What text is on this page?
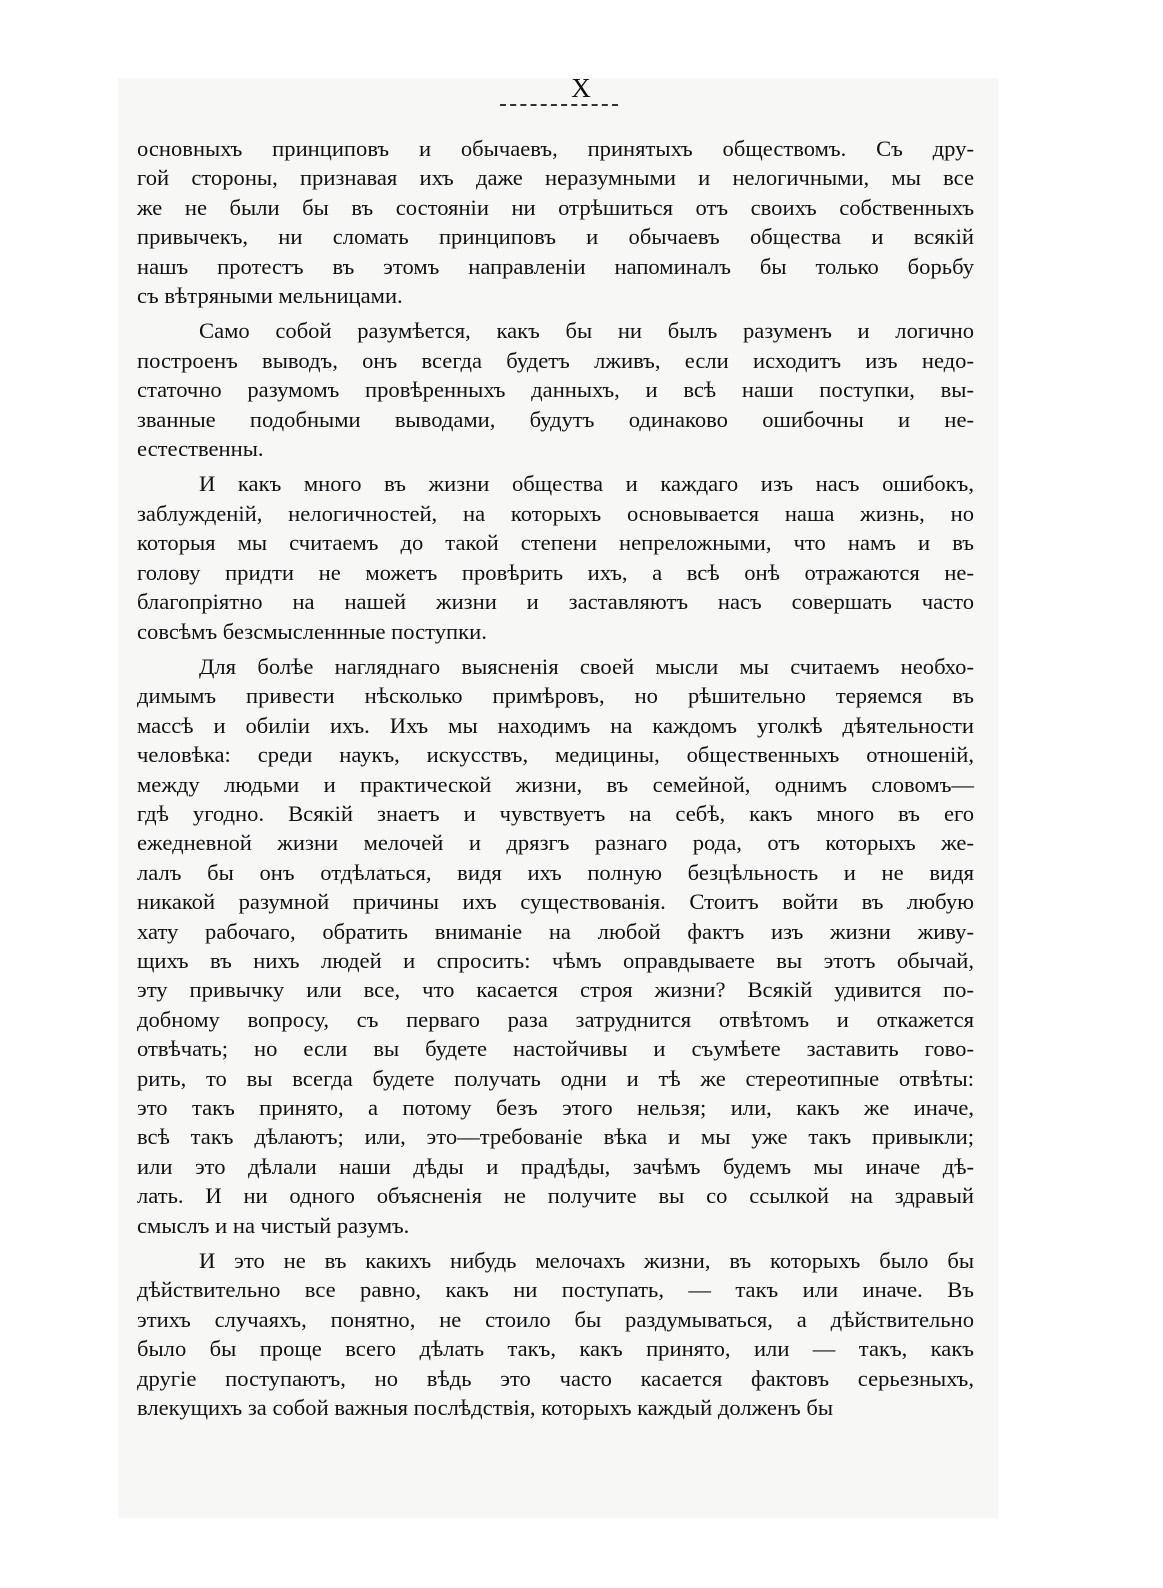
X
основныхъ принциповъ и обычаевъ, принятыхъ обществомъ. Съ дру-
гой стороны, признавая ихъ даже неразумными и нелогичными, мы все
же не были бы въ состояніи ни отрѣшиться отъ своихъ собственныхъ
привычекъ, ни сломать принциповъ и обычаевъ общества и всякій
нашъ протестъ въ этомъ направленіи напоминалъ бы только борьбу
съ вѣтряными мельницами.
Само собой разумѣется, какъ бы ни былъ разуменъ и логично
построенъ выводъ, онъ всегда будетъ лживъ, если исходитъ изъ недо-
статочно разумомъ провѣренныхъ данныхъ, и всѣ наши поступки, вы-
званные подобными выводами, будутъ одинаково ошибочны и не-
естественны.
И какъ много въ жизни общества и каждаго изъ насъ ошибокъ,
заблужденій, нелогичностей, на которыхъ основывается наша жизнь, но
которыя мы считаемъ до такой степени непреложными, что намъ и въ
голову придти не можетъ провѣрить ихъ, а всѣ онѣ отражаются не-
благопріятно на нашей жизни и заставляютъ насъ совершать часто
совсѣмъ безсмысленнные поступки.
Для болѣе нагляднаго выясненія своей мысли мы считаемъ необхо-
димымъ привести нѣсколько примѣровъ, но рѣшительно теряемся въ
массѣ и обиліи ихъ. Ихъ мы находимъ на каждомъ уголкѣ дѣятельности
человѣка: среди наукъ, искусствъ, медицины, общественныхъ отношеній,
между людьми и практической жизни, въ семейной, однимъ словомъ—
гдѣ угодно. Всякій знаетъ и чувствуетъ на себѣ, какъ много въ его
ежедневной жизни мелочей и дрязгъ разнаго рода, отъ которыхъ же-
лалъ бы онъ отдѣлаться, видя ихъ полную безцѣльность и не видя
никакой разумной причины ихъ существованія. Стоитъ войти въ любую
хату рабочаго, обратить вниманіе на любой фактъ изъ жизни живу-
щихъ въ нихъ людей и спросить: чѣмъ оправдываете вы этотъ обычай,
эту привычку или все, что касается строя жизни? Всякій удивится по-
добному вопросу, съ перваго раза затруднится отвѣтомъ и откажется
отвѣчать; но если вы будете настойчивы и съумѣете заставить гово-
рить, то вы всегда будете получать одни и тѣ же стереотипные отвѣты:
это такъ принято, а потому безъ этого нельзя; или, какъ же иначе,
всѣ такъ дѣлаютъ; или, это—требованіе вѣка и мы уже такъ привыкли;
или это дѣлали наши дѣды и прадѣды, зачѣмъ будемъ мы иначе дѣ-
лать. И ни одного объясненія не получите вы со ссылкой на здравый
смыслъ и на чистый разумъ.
И это не въ какихъ нибудь мелочахъ жизни, въ которыхъ было бы
дѣйствительно все равно, какъ ни поступать, — такъ или иначе. Въ
этихъ случаяхъ, понятно, не стоило бы раздумываться, а дѣйствительно
было бы проще всего дѣлать такъ, какъ принято, или — такъ, какъ
другіе поступаютъ, но вѣдь это часто касается фактовъ серьезныхъ,
влекущихъ за собой важныя послѣдствія, которыхъ каждый долженъ бы
